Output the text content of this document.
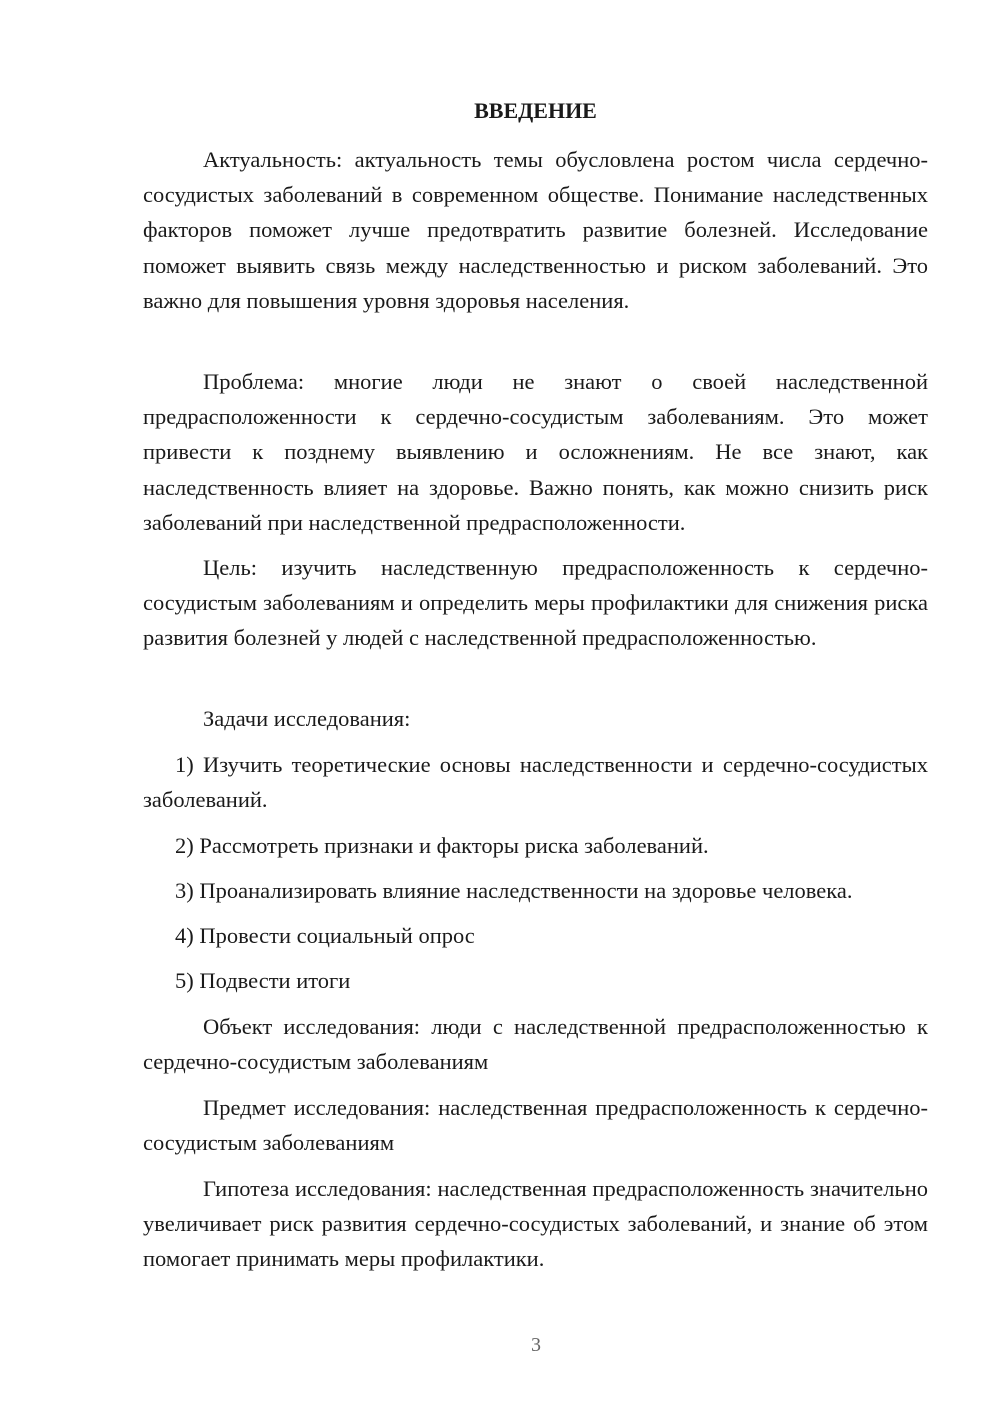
ВВЕДЕНИЕ

Актуальность: актуальность темы обусловлена ростом числа сердечно-сосудистых заболеваний в современном обществе. Понимание наследственных факторов поможет лучше предотвратить развитие болезней. Исследование поможет выявить связь между наследственностью и риском заболеваний. Это важно для повышения уровня здоровья населения.

Проблема: многие люди не знают о своей наследственной предрасположенности к сердечно-сосудистым заболеваниям. Это может привести к позднему выявлению и осложнениям. Не все знают, как наследственность влияет на здоровье. Важно понять, как можно снизить риск заболеваний при наследственной предрасположенности.

Цель: изучить наследственную предрасположенность к сердечно-сосудистым заболеваниям и определить меры профилактики для снижения риска развития болезней у людей с наследственной предрасположенностью.

Задачи исследования:

1) Изучить теоретические основы наследственности и сердечно-сосудистых заболеваний.

2) Рассмотреть признаки и факторы риска заболеваний.

3) Проанализировать влияние наследственности на здоровье человека.

4) Провести социальный опрос

5) Подвести итоги

Объект исследования: люди с наследственной предрасположенностью к сердечно-сосудистым заболеваниям

Предмет исследования: наследственная предрасположенность к сердечно-сосудистым заболеваниям

Гипотеза исследования: наследственная предрасположенность значительно увеличивает риск развития сердечно-сосудистых заболеваний, и знание об этом помогает принимать меры профилактики.

3
